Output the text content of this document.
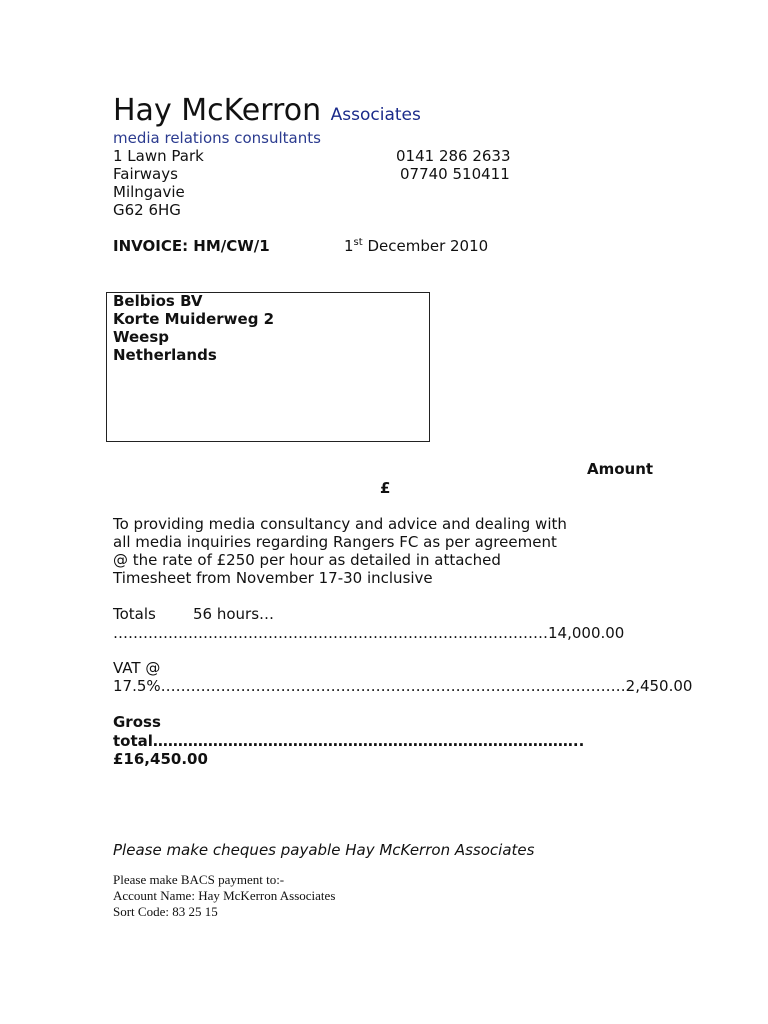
Hay McKerron Associates
media relations consultants
1 Lawn Park
Fairways
Milngavie
G62 6HG
0141 286 2633
07740 510411
INVOICE: HM/CW/1	1st December 2010
Belbios BV
Korte Muiderweg 2
Weesp
Netherlands
Amount
£
To providing media consultancy and advice and dealing with
all media inquiries regarding Rangers FC as per agreement
@ the rate of £250 per hour as detailed in attached
Timesheet from November 17-30 inclusive
Totals 56 hours…
……………………………………………………………………………14,000.00
VAT @
17.5%…………………………………………………………………………………2,450.00
Gross
total…………………………………………………………………………..
£16,450.00
Please make cheques payable Hay McKerron Associates
Please make BACS payment to:-
Account Name: Hay McKerron Associates
Sort Code: 83 25 15
